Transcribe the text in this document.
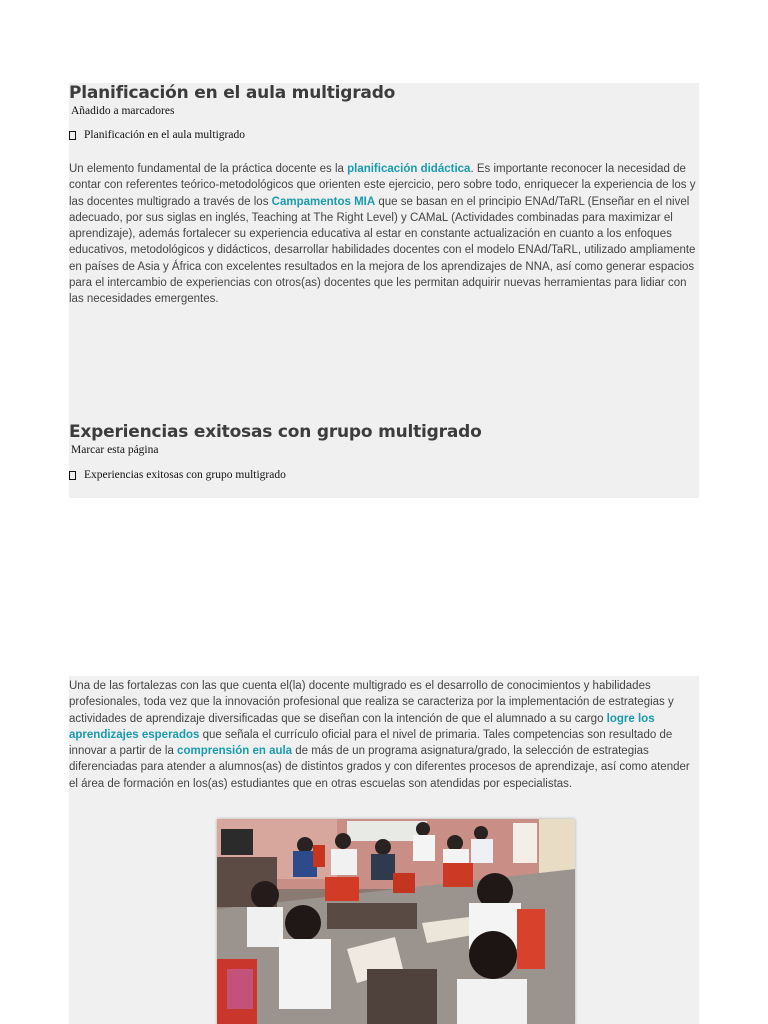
Planificación en el aula multigrado
Añadido a marcadores
Planificación en el aula multigrado

Un elemento fundamental de la práctica docente es la planificación didáctica. Es importante reconocer la necesidad de contar con referentes teórico-metodológicos que orienten este ejercicio, pero sobre todo, enriquecer la experiencia de los y las docentes multigrado a través de los Campamentos MIA que se basan en el principio ENAd/TaRL (Enseñar en el nivel adecuado, por sus siglas en inglés, Teaching at The Right Level) y CAMaL (Actividades combinadas para maximizar el aprendizaje), además fortalecer su experiencia educativa al estar en constante actualización en cuanto a los enfoques educativos, metodológicos y didácticos, desarrollar habilidades docentes con el modelo ENAd/TaRL, utilizado ampliamente en países de Asia y África con excelentes resultados en la mejora de los aprendizajes de NNA, así como generar espacios para el intercambio de experiencias con otros(as) docentes que les permitan adquirir nuevas herramientas para lidiar con las necesidades emergentes.

Experiencias exitosas con grupo multigrado
Marcar esta página
Experiencias exitosas con grupo multigrado

Una de las fortalezas con las que cuenta el(la) docente multigrado es el desarrollo de conocimientos y habilidades profesionales, toda vez que la innovación profesional que realiza se caracteriza por la implementación de estrategias y actividades de aprendizaje diversificadas que se diseñan con la intención de que el alumnado a su cargo logre los aprendizajes esperados que señala el currículo oficial para el nivel de primaria. Tales competencias son resultado de innovar a partir de la comprensión en aula de más de un programa asignatura/grado, la selección de estrategias diferenciadas para atender a alumnos(as) de distintos grados y con diferentes procesos de aprendizaje, así como atender el área de formación en los(as) estudiantes que en otras escuelas son atendidas por especialistas.
